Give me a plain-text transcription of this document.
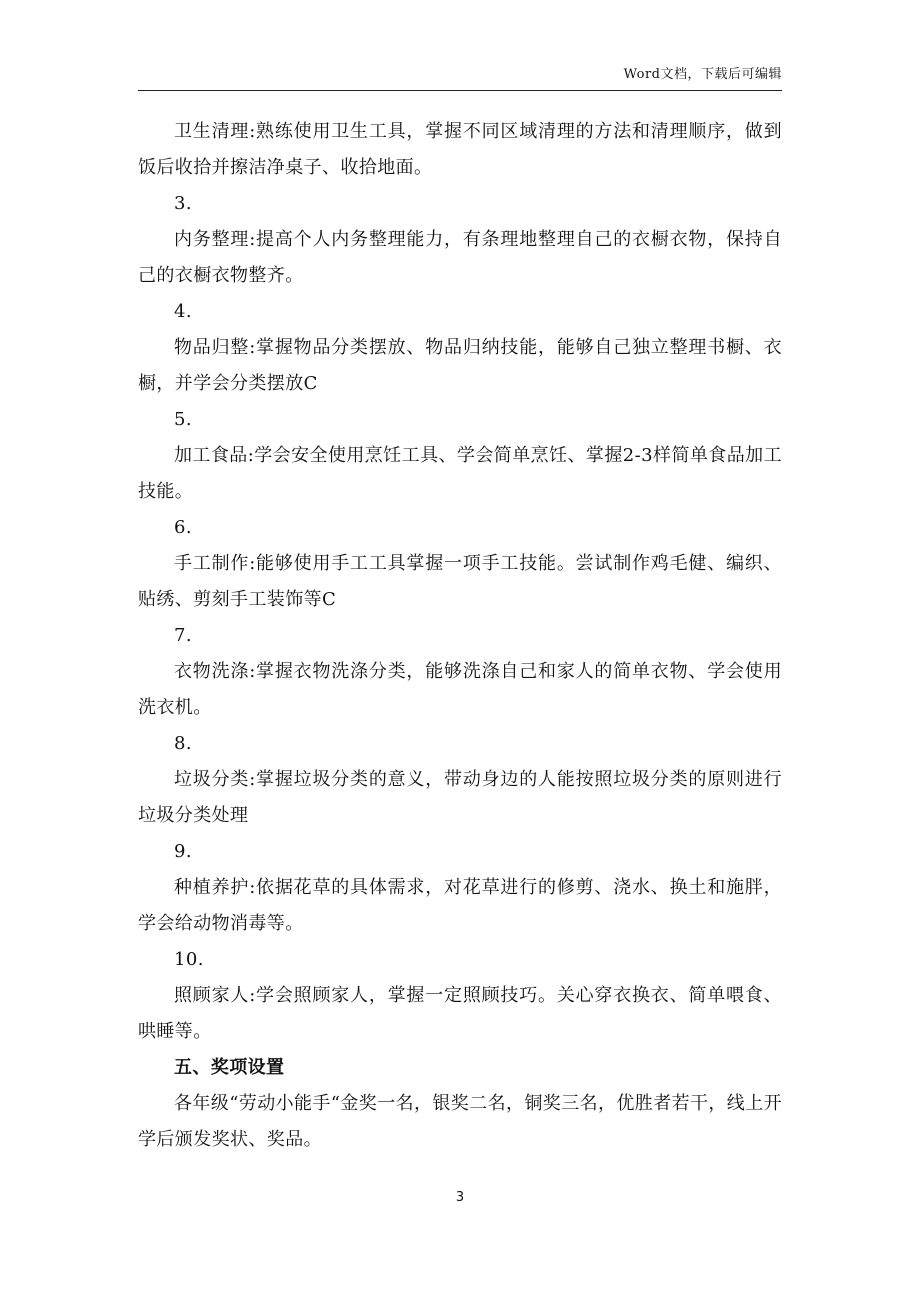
Word文档，下载后可编辑

卫生清理:熟练使用卫生工具，掌握不同区域清理的方法和清理顺序，做到饭后收拾并擦洁净桌子、收拾地面。

3.

内务整理:提高个人内务整理能力，有条理地整理自己的衣橱衣物，保持自己的衣橱衣物整齐。

4.

物品归整:掌握物品分类摆放、物品归纳技能，能够自己独立整理书橱、衣橱，并学会分类摆放C

5.

加工食品:学会安全使用烹饪工具、学会简单烹饪、掌握2-3样简单食品加工技能。

6.

手工制作:能够使用手工工具掌握一项手工技能。尝试制作鸡毛健、编织、贴绣、剪刻手工装饰等C

7.

衣物洗涤:掌握衣物洗涤分类，能够洗涤自己和家人的简单衣物、学会使用洗衣机。

8.

垃圾分类:掌握垃圾分类的意义，带动身边的人能按照垃圾分类的原则进行垃圾分类处理

9.

种植养护:依据花草的具体需求，对花草进行的修剪、浇水、换土和施胖，学会给动物消毒等。

10.

照顾家人:学会照顾家人，掌握一定照顾技巧。关心穿衣换衣、简单喂食、哄睡等。

五、奖项设置

各年级“劳动小能手“金奖一名，银奖二名，铜奖三名，优胜者若干，线上开学后颁发奖状、奖品。

3
